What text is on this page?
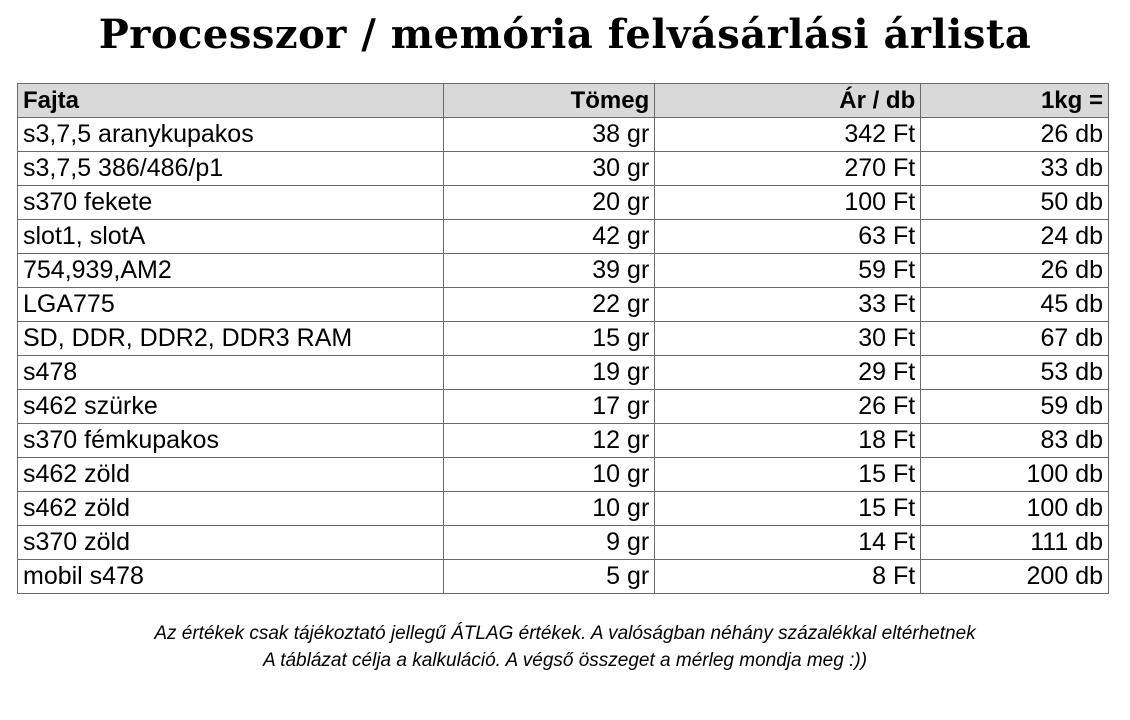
Processzor / memória felvásárlási árlista
Fajta	Tömeg	Ár / db	1kg =
s3,7,5 aranykupakos	38 gr	342 Ft	26 db
s3,7,5 386/486/p1	30 gr	270 Ft	33 db
s370 fekete	20 gr	100 Ft	50 db
slot1, slotA	42 gr	63 Ft	24 db
754,939,AM2	39 gr	59 Ft	26 db
LGA775	22 gr	33 Ft	45 db
SD, DDR, DDR2, DDR3 RAM	15 gr	30 Ft	67 db
s478	19 gr	29 Ft	53 db
s462 szürke	17 gr	26 Ft	59 db
s370 fémkupakos	12 gr	18 Ft	83 db
s462 zöld	10 gr	15 Ft	100 db
s462 zöld	10 gr	15 Ft	100 db
s370 zöld	9 gr	14 Ft	111 db
mobil s478	5 gr	8 Ft	200 db
Az értékek csak tájékoztató jellegű ÁTLAG értékek. A valóságban néhány százalékkal eltérhetnek
A táblázat célja a kalkuláció. A végső összeget a mérleg mondja meg :))
